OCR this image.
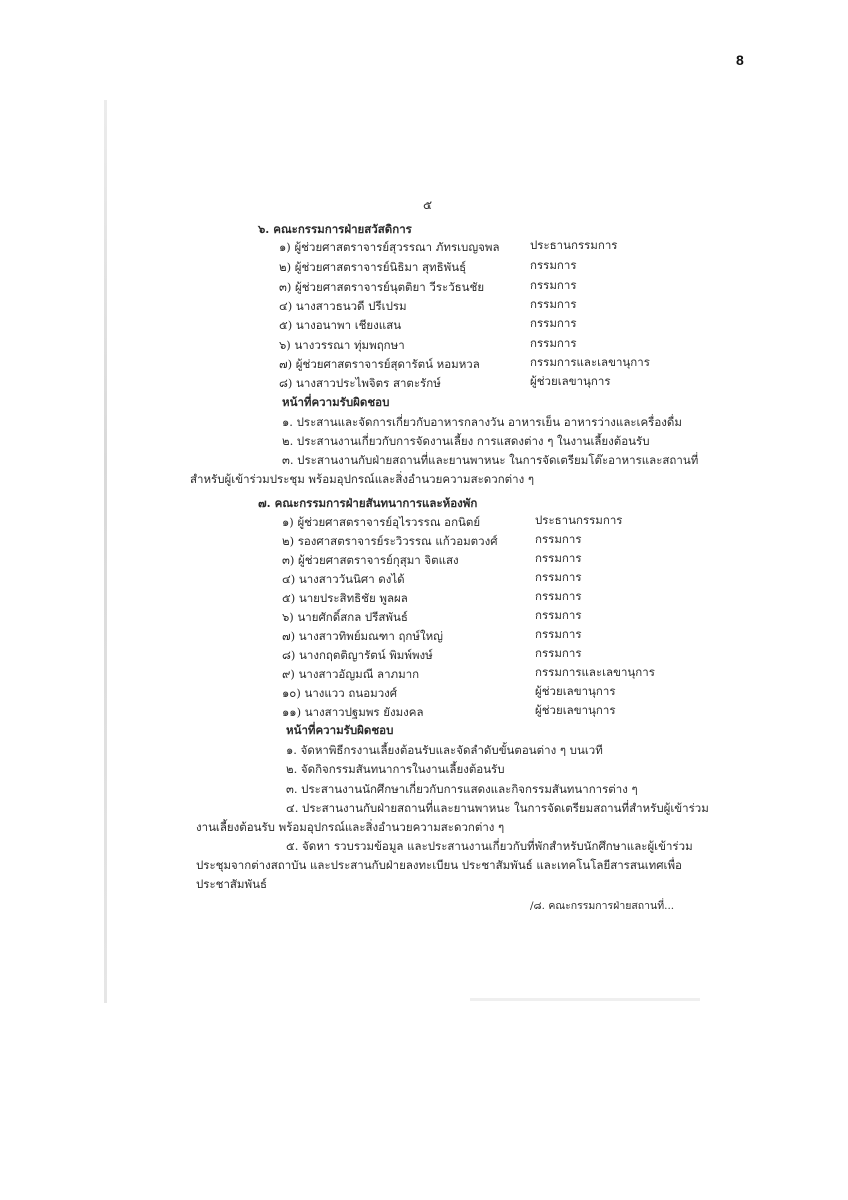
8
๕
๖. คณะกรรมการฝ่ายสวัสดิการ
๑) ผู้ช่วยศาสตราจารย์สุวรรณา ภัทรเบญจพล	ประธานกรรมการ
๒) ผู้ช่วยศาสตราจารย์นิธิมา สุทธิพันธุ์	กรรมการ
๓) ผู้ช่วยศาสตราจารย์นุตติยา วีระวัธนชัย	กรรมการ
๔) นางสาวธนวดี ปรีเปรม	กรรมการ
๕) นางอนาพา เชียงแสน	กรรมการ
๖) นางวรรณา ทุ่มพฤกษา	กรรมการ
๗) ผู้ช่วยศาสตราจารย์สุดารัตน์ หอมหวล	กรรมการและเลขานุการ
๘) นางสาวประไพจิตร สาตะรักษ์	ผู้ช่วยเลขานุการ
หน้าที่ความรับผิดชอบ
๑. ประสานและจัดการเกี่ยวกับอาหารกลางวัน อาหารเย็น อาหารว่างและเครื่องดื่ม
๒. ประสานงานเกี่ยวกับการจัดงานเลี้ยง การแสดงต่าง ๆ ในงานเลี้ยงต้อนรับ
๓. ประสานงานกับฝ่ายสถานที่และยานพาหนะ ในการจัดเตรียมโต๊ะอาหารและสถานที่
สำหรับผู้เข้าร่วมประชุม พร้อมอุปกรณ์และสิ่งอำนวยความสะดวกต่าง ๆ
๗. คณะกรรมการฝ่ายสันทนาการและห้องพัก
๑) ผู้ช่วยศาสตราจารย์อุไรวรรณ อกนิตย์	ประธานกรรมการ
๒) รองศาสตราจารย์ระวิวรรณ แก้วอมตวงศ์	กรรมการ
๓) ผู้ช่วยศาสตราจารย์กุสุมา จิตแสง	กรรมการ
๔) นางสาววันนิศา ดงได้	กรรมการ
๕) นายประสิทธิชัย พูลผล	กรรมการ
๖) นายศักดิ์สกล ปรีสพันธ์	กรรมการ
๗) นางสาวทิพย์มณฑา ฤกษ์ใหญ่	กรรมการ
๘) นางกฤตติญารัตน์ พิมพ์พงษ์	กรรมการ
๙) นางสาวอัญมณี ลาภมาก	กรรมการและเลขานุการ
๑๐) นางแวว ถนอมวงศ์	ผู้ช่วยเลขานุการ
๑๑) นางสาวปฐมพร ยังมงคล	ผู้ช่วยเลขานุการ
หน้าที่ความรับผิดชอบ
๑. จัดหาพิธีกรงานเลี้ยงต้อนรับและจัดลำดับขั้นตอนต่าง ๆ บนเวที
๒. จัดกิจกรรมสันทนาการในงานเลี้ยงต้อนรับ
๓. ประสานงานนักศึกษาเกี่ยวกับการแสดงและกิจกรรมสันทนาการต่าง ๆ
๔. ประสานงานกับฝ่ายสถานที่และยานพาหนะ ในการจัดเตรียมสถานที่สำหรับผู้เข้าร่วม
งานเลี้ยงต้อนรับ พร้อมอุปกรณ์และสิ่งอำนวยความสะดวกต่าง ๆ
๕. จัดหา รวบรวมข้อมูล และประสานงานเกี่ยวกับที่พักสำหรับนักศึกษาและผู้เข้าร่วม
ประชุมจากต่างสถาบัน และประสานกับฝ่ายลงทะเบียน ประชาสัมพันธ์ และเทคโนโลยีสารสนเทศเพื่อ
ประชาสัมพันธ์
/๘. คณะกรรมการฝ่ายสถานที่...
